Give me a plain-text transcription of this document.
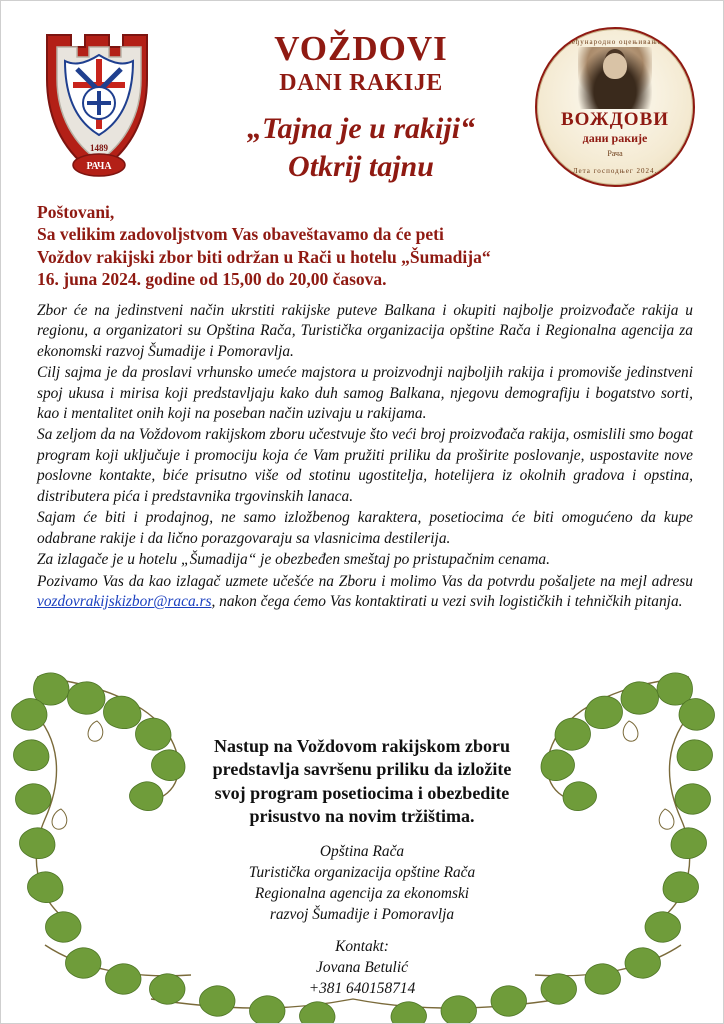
1489
РАЧА
VOŽDOVI
DANI RAKIJE
„Tajna je u rakiji“
Otkrij tajnu
Друго међународно оцењивање ракија
ВОЖДОВИ
дани ракије
Рача
Лета господњег 2024.
Poštovani,
Sa velikim zadovoljstvom Vas obaveštavamo da će peti
Voždov rakijski zbor biti održan u Rači u hotelu „Šumadija“
16. juna 2024. godine od 15,00 do 20,00 časova.

Zbor će na jedinstveni način ukrstiti rakijske puteve Balkana i okupiti najbolje proizvođače rakija u regionu, a organizatori su Opština Rača, Turistička organizacija opštine Rača i Regionalna agencija za ekonomski razvoj Šumadije i Pomoravlja.

Cilj sajma je da proslavi vrhunsko umeće majstora u proizvodnji najboljih rakija i promoviše jedinstveni spoj ukusa i mirisa koji predstavljaju kako duh samog Balkana, njegovu demografiju i bogatstvo sorti, kao i mentalitet onih koji na poseban način uzivaju u rakijama.

Sa zeljom da na Voždovom rakijskom zboru učestvuje što veći broj proizvođača rakija, osmislili smo bogat program koji uključuje i promociju koja će Vam pružiti priliku da proširite poslovanje, uspostavite nove poslovne kontakte, biće prisutno više od stotinu ugostitelja, hotelijera iz okolnih gradova i opstina, distributera pića i predstavnika trgovinskih lanaca.

Sajam će biti i prodajnog, ne samo izložbenog karaktera, posetiocima će biti omogućeno da kupe odabrane rakije i da lično porazgovaraju sa vlasnicima destilerija.

Za izlagače je u hotelu „Šumadija“ je obezbeđen smeštaj po pristupačnim cenama.

Pozivamo Vas da kao izlagač uzmete učešće na Zboru i molimo Vas da potvrdu pošaljete na mejl adresu vozdovrakijskizbor@raca.rs, nakon čega ćemo Vas kontaktirati u vezi svih logističkih i tehničkih pitanja.

Nastup na Voždovom rakijskom zboru
predstavlja savršenu priliku da izložite
svoj program posetiocima i obezbedite
prisustvo na novim tržištima.
Opština Rača
Turistička organizacija opštine Rača
Regionalna agencija za ekonomski
razvoj Šumadije i Pomoravlja
Kontakt:
Jovana Betulić
+381 640158714
